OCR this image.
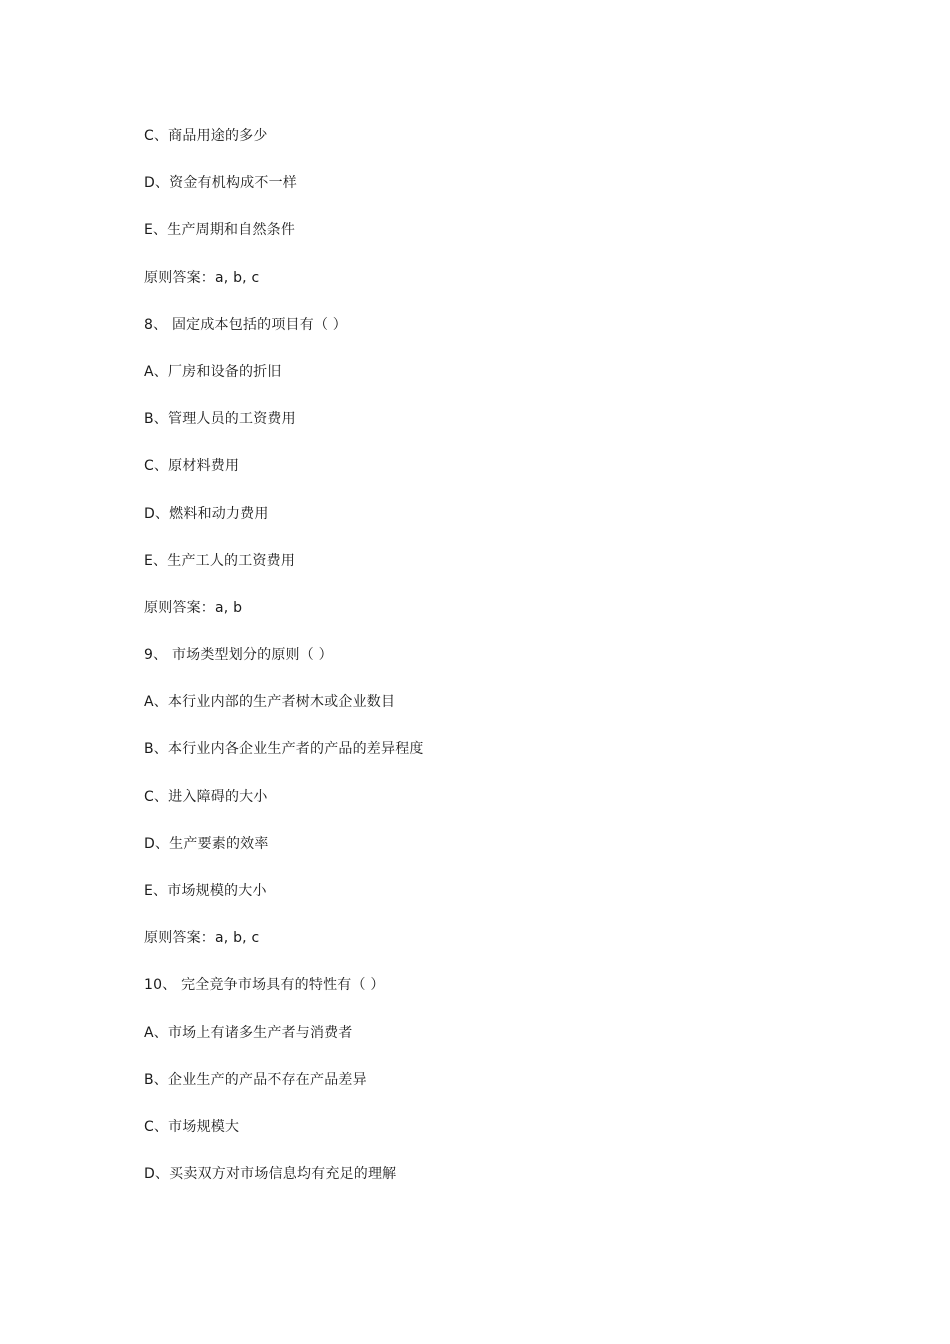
C、商品用途的多少
D、资金有机构成不一样
E、生产周期和自然条件
原则答案：a, b, c
8、 固定成本包括的项目有（ ）
A、厂房和设备的折旧
B、管理人员的工资费用
C、原材料费用
D、燃料和动力费用
E、生产工人的工资费用
原则答案：a, b
9、 市场类型划分的原则（ ）
A、本行业内部的生产者树木或企业数目
B、本行业内各企业生产者的产品的差异程度
C、进入障碍的大小
D、生产要素的效率
E、市场规模的大小
原则答案：a, b, c
10、 完全竞争市场具有的特性有（ ）
A、市场上有诸多生产者与消费者
B、企业生产的产品不存在产品差异
C、市场规模大
D、买卖双方对市场信息均有充足的理解
